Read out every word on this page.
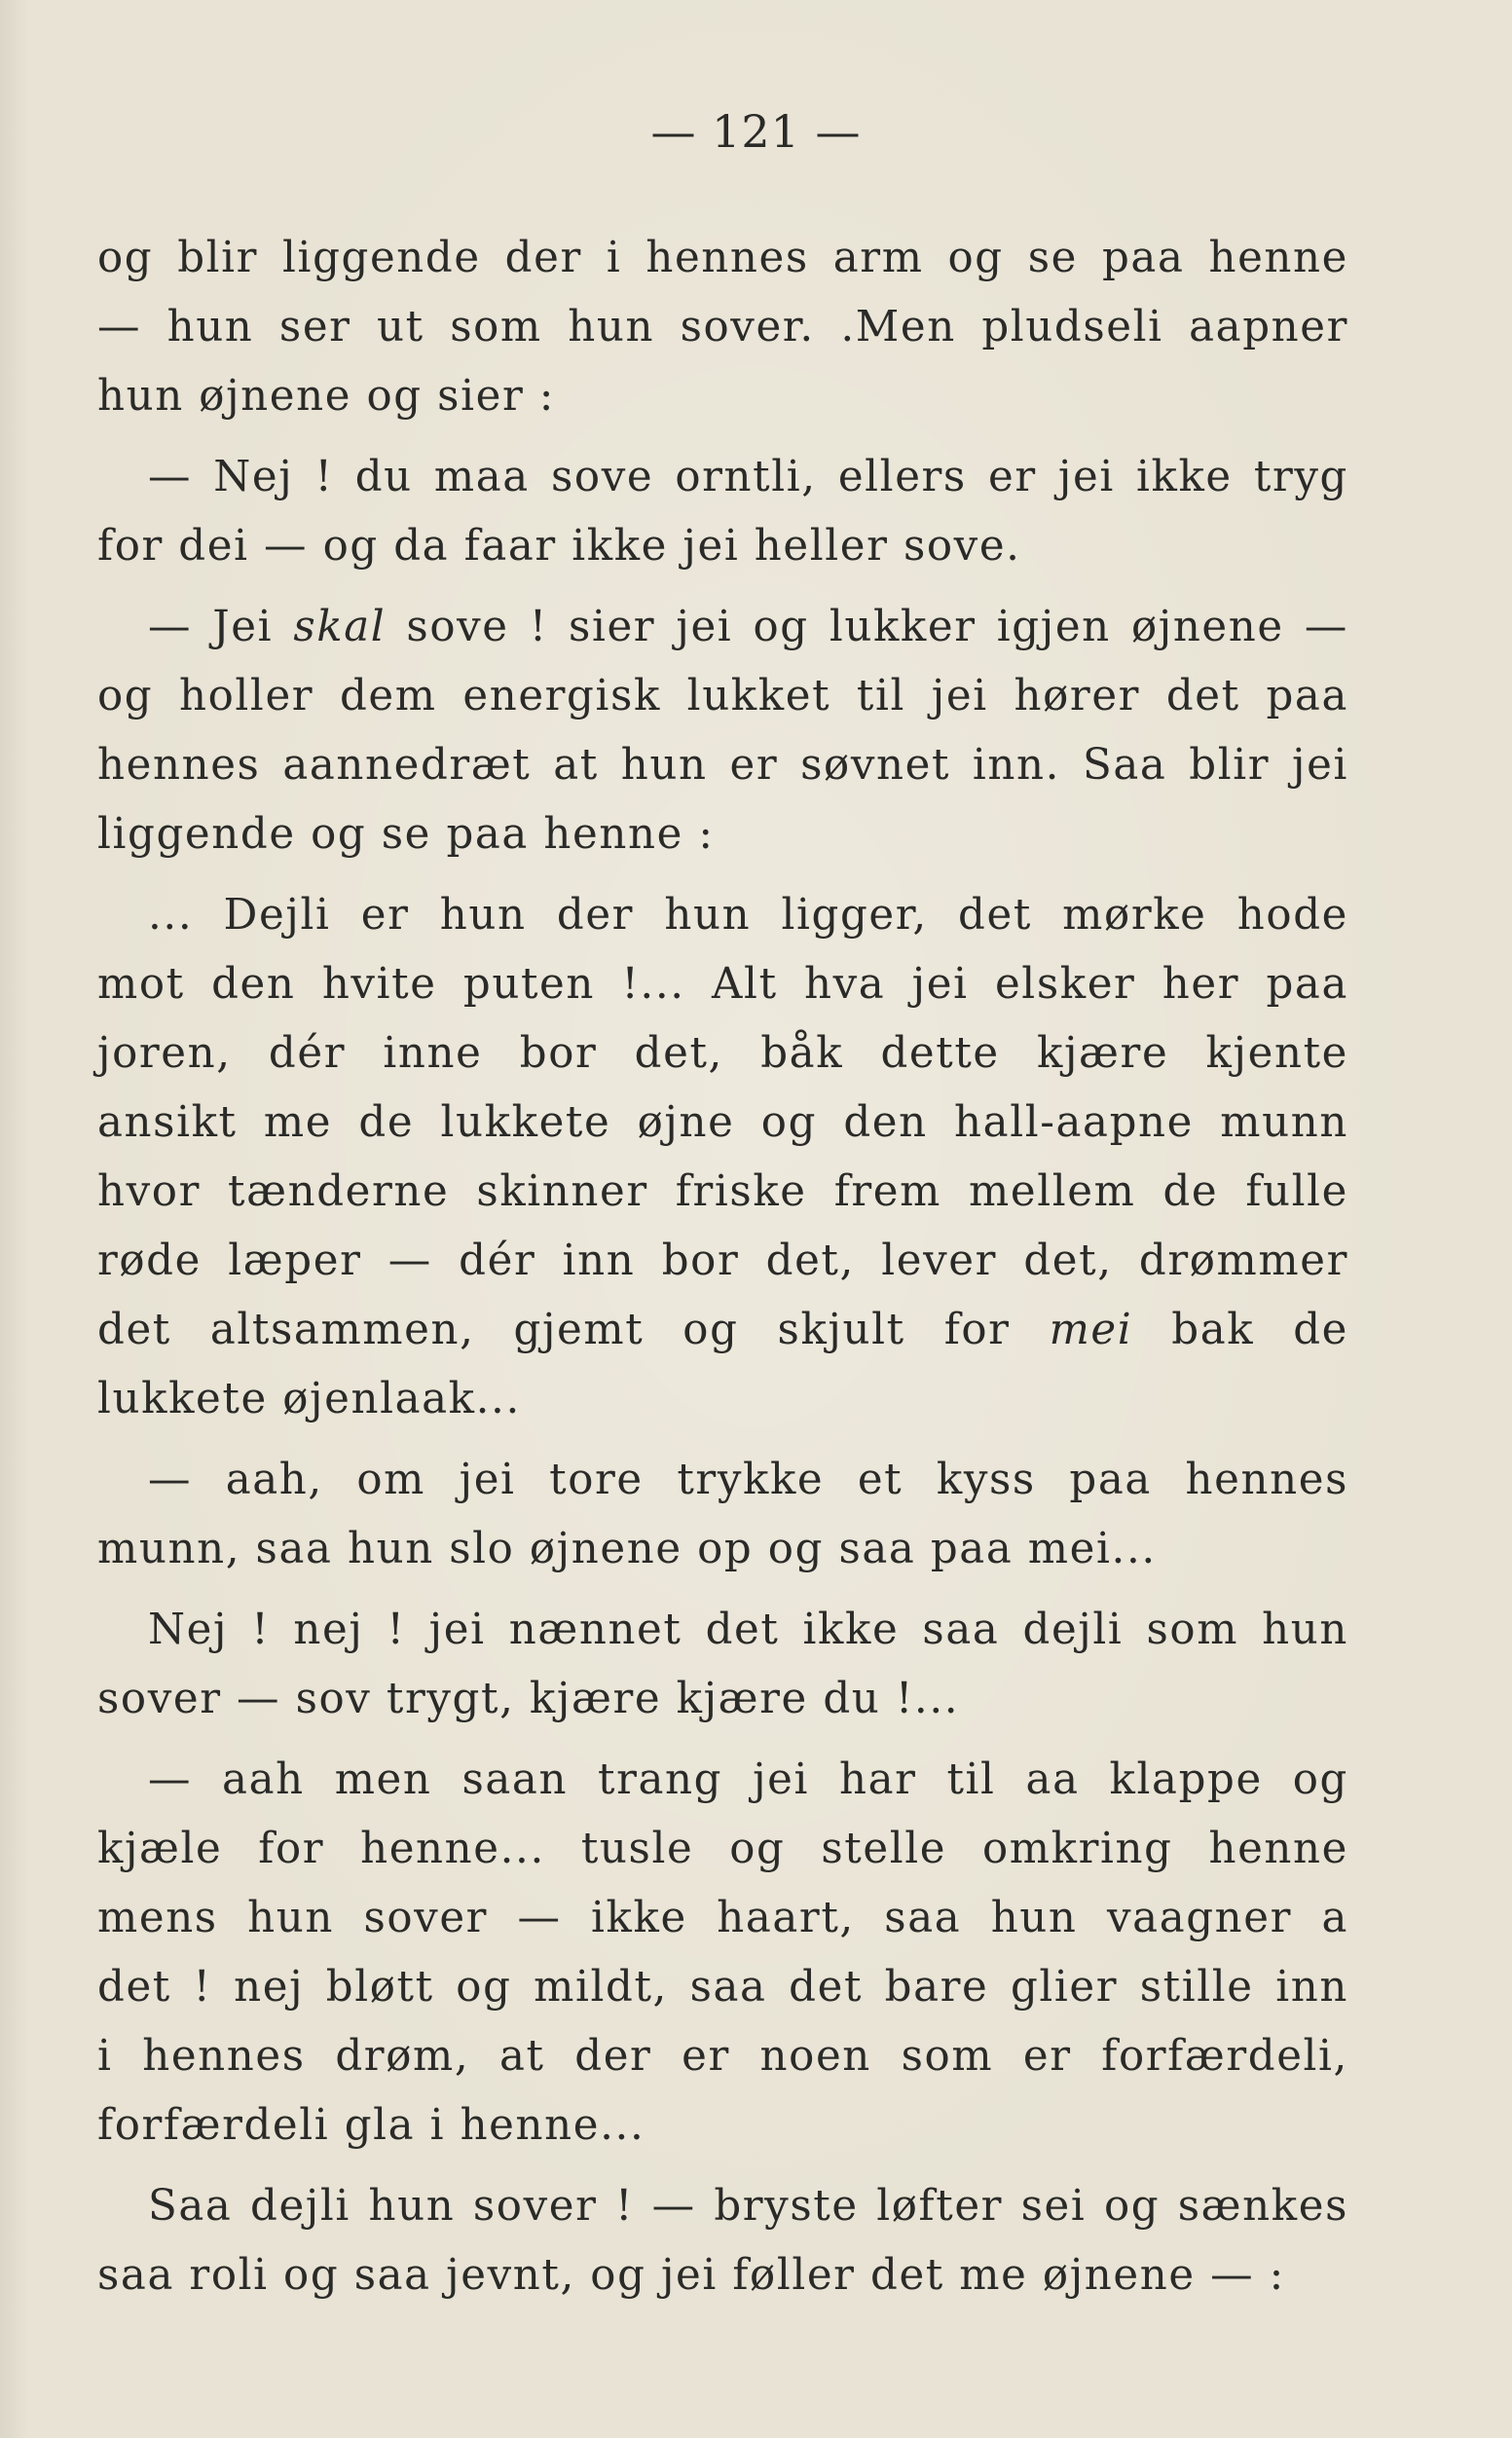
— 121 —
og blir liggende der i hennes arm og se paa henne
— hun ser ut som hun sover. .Men pludseli aapner
hun øjnene og sier :
— Nej ! du maa sove orntli, ellers er jei ikke tryg
for dei — og da faar ikke jei heller sove.
— Jei skal sove ! sier jei og lukker igjen øjnene —
og holler dem energisk lukket til jei hører det paa
hennes aannedræt at hun er søvnet inn. Saa blir jei
liggende og se paa henne :
... Dejli er hun der hun ligger, det mørke hode
mot den hvite puten !... Alt hva jei elsker her paa
joren, dér inne bor det, båk dette kjære kjente
ansikt me de lukkete øjne og den hall-aapne munn
hvor tænderne skinner friske frem mellem de fulle
røde læper — dér inn bor det, lever det, drømmer
det altsammen, gjemt og skjult for mei bak de
lukkete øjenlaak...
— aah, om jei tore trykke et kyss paa hennes
munn, saa hun slo øjnene op og saa paa mei...
Nej ! nej ! jei nænnet det ikke saa dejli som hun
sover — sov trygt, kjære kjære du !...
— aah men saan trang jei har til aa klappe og
kjæle for henne... tusle og stelle omkring henne
mens hun sover — ikke haart, saa hun vaagner a
det ! nej bløtt og mildt, saa det bare glier stille inn
i hennes drøm, at der er noen som er forfærdeli,
forfærdeli gla i henne...
Saa dejli hun sover ! — bryste løfter sei og sænkes
saa roli og saa jevnt, og jei føller det me øjnene — :
